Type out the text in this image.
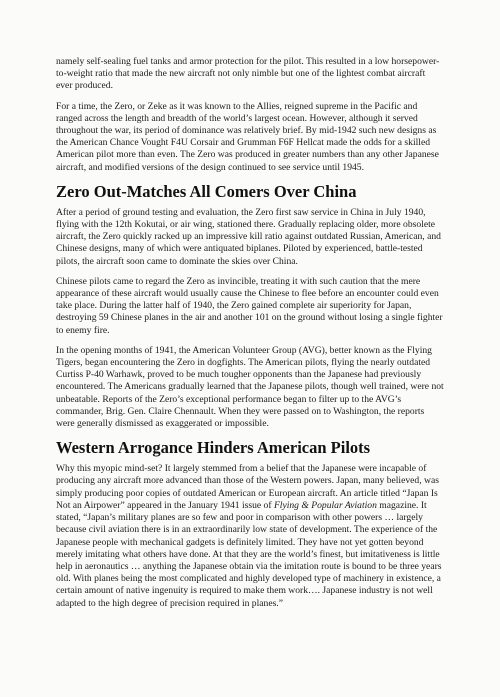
namely self-sealing fuel tanks and armor protection for the pilot. This resulted in a low horsepower-to-weight ratio that made the new aircraft not only nimble but one of the lightest combat aircraft ever produced.

For a time, the Zero, or Zeke as it was known to the Allies, reigned supreme in the Pacific and ranged across the length and breadth of the world’s largest ocean. However, although it served throughout the war, its period of dominance was relatively brief. By mid-1942 such new designs as the American Chance Vought F4U Corsair and Grumman F6F Hellcat made the odds for a skilled American pilot more than even. The Zero was produced in greater numbers than any other Japanese aircraft, and modified versions of the design continued to see service until 1945.

Zero Out-Matches All Comers Over China

After a period of ground testing and evaluation, the Zero first saw service in China in July 1940, flying with the 12th Kokutai, or air wing, stationed there. Gradually replacing older, more obsolete aircraft, the Zero quickly racked up an impressive kill ratio against outdated Russian, American, and Chinese designs, many of which were antiquated biplanes. Piloted by experienced, battle-tested pilots, the aircraft soon came to dominate the skies over China.

Chinese pilots came to regard the Zero as invincible, treating it with such caution that the mere appearance of these aircraft would usually cause the Chinese to flee before an encounter could even take place. During the latter half of 1940, the Zero gained complete air superiority for Japan, destroying 59 Chinese planes in the air and another 101 on the ground without losing a single fighter to enemy fire.

In the opening months of 1941, the American Volunteer Group (AVG), better known as the Flying Tigers, began encountering the Zero in dogfights. The American pilots, flying the nearly outdated Curtiss P-40 Warhawk, proved to be much tougher opponents than the Japanese had previously encountered. The Americans gradually learned that the Japanese pilots, though well trained, were not unbeatable. Reports of the Zero’s exceptional performance began to filter up to the AVG’s commander, Brig. Gen. Claire Chennault. When they were passed on to Washington, the reports were generally dismissed as exaggerated or impossible.

Western Arrogance Hinders American Pilots

Why this myopic mind-set? It largely stemmed from a belief that the Japanese were incapable of producing any aircraft more advanced than those of the Western powers. Japan, many believed, was simply producing poor copies of outdated American or European aircraft. An article titled “Japan Is Not an Airpower” appeared in the January 1941 issue of Flying & Popular Aviation magazine. It stated, “Japan’s military planes are so few and poor in comparison with other powers … largely because civil aviation there is in an extraordinarily low state of development. The experience of the Japanese people with mechanical gadgets is definitely limited. They have not yet gotten beyond merely imitating what others have done. At that they are the world’s finest, but imitativeness is little help in aeronautics … anything the Japanese obtain via the imitation route is bound to be three years old. With planes being the most complicated and highly developed type of machinery in existence, a certain amount of native ingenuity is required to make them work…. Japanese industry is not well adapted to the high degree of precision required in planes.”
